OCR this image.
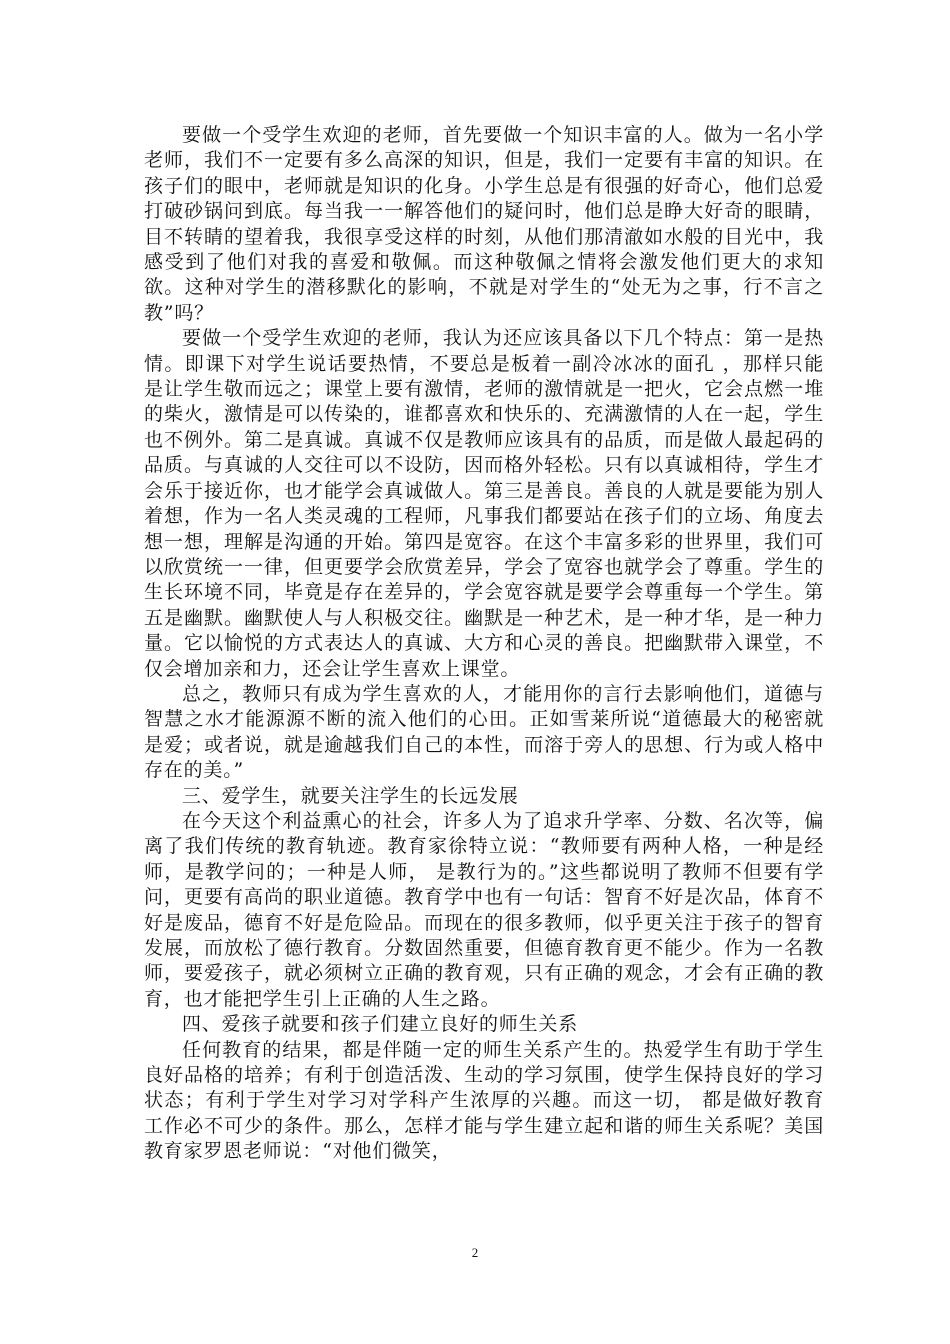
要做一个受学生欢迎的老师，首先要做一个知识丰富的人。做为一名小学老师，我们不一定要有多么高深的知识，但是，我们一定要有丰富的知识。在孩子们的眼中，老师就是知识的化身。小学生总是有很强的好奇心，他们总爱打破砂锅问到底。每当我一一解答他们的疑问时，他们总是睁大好奇的眼睛，目不转睛的望着我，我很享受这样的时刻，从他们那清澈如水般的目光中，我感受到了他们对我的喜爱和敬佩。而这种敬佩之情将会激发他们更大的求知欲。这种对学生的潜移默化的影响，不就是对学生的“处无为之事，行不言之教”吗？

要做一个受学生欢迎的老师，我认为还应该具备以下几个特点：第一是热情。即课下对学生说话要热情，不要总是板着一副冷冰冰的面孔 ，那样只能是让学生敬而远之；课堂上要有激情，老师的激情就是一把火，它会点燃一堆的柴火，激情是可以传染的，谁都喜欢和快乐的、充满激情的人在一起，学生也不例外。第二是真诚。真诚不仅是教师应该具有的品质，而是做人最起码的品质。与真诚的人交往可以不设防，因而格外轻松。只有以真诚相待，学生才会乐于接近你，也才能学会真诚做人。第三是善良。善良的人就是要能为别人着想，作为一名人类灵魂的工程师，凡事我们都要站在孩子们的立场、角度去想一想，理解是沟通的开始。第四是宽容。在这个丰富多彩的世界里，我们可以欣赏统一一律，但更要学会欣赏差异，学会了宽容也就学会了尊重。学生的生长环境不同，毕竟是存在差异的，学会宽容就是要学会尊重每一个学生。第五是幽默。幽默使人与人积极交往。幽默是一种艺术，是一种才华，是一种力量。它以愉悦的方式表达人的真诚、大方和心灵的善良。把幽默带入课堂，不仅会增加亲和力，还会让学生喜欢上课堂。

总之，教师只有成为学生喜欢的人，才能用你的言行去影响他们，道德与智慧之水才能源源不断的流入他们的心田。正如雪莱所说“道德最大的秘密就是爱；或者说，就是逾越我们自己的本性，而溶于旁人的思想、行为或人格中存在的美。”

三、爱学生，就要关注学生的长远发展

在今天这个利益熏心的社会，许多人为了追求升学率、分数、名次等，偏离了我们传统的教育轨迹。教育家徐特立说：“教师要有两种人格，一种是经师，是教学问的；一种是人师， 是教行为的。”这些都说明了教师不但要有学问，更要有高尚的职业道德。教育学中也有一句话：智育不好是次品，体育不好是废品，德育不好是危险品。而现在的很多教师，似乎更关注于孩子的智育发展，而放松了德行教育。分数固然重要，但德育教育更不能少。作为一名教师，要爱孩子，就必须树立正确的教育观，只有正确的观念，才会有正确的教育，也才能把学生引上正确的人生之路。

四、爱孩子就要和孩子们建立良好的师生关系

任何教育的结果，都是伴随一定的师生关系产生的。热爱学生有助于学生良好品格的培养；有利于创造活泼、生动的学习氛围，使学生保持良好的学习状态；有利于学生对学习对学科产生浓厚的兴趣。而这一切， 都是做好教育工作必不可少的条件。那么，怎样才能与学生建立起和谐的师生关系呢？美国教育家罗恩老师说：“对他们微笑，

2
